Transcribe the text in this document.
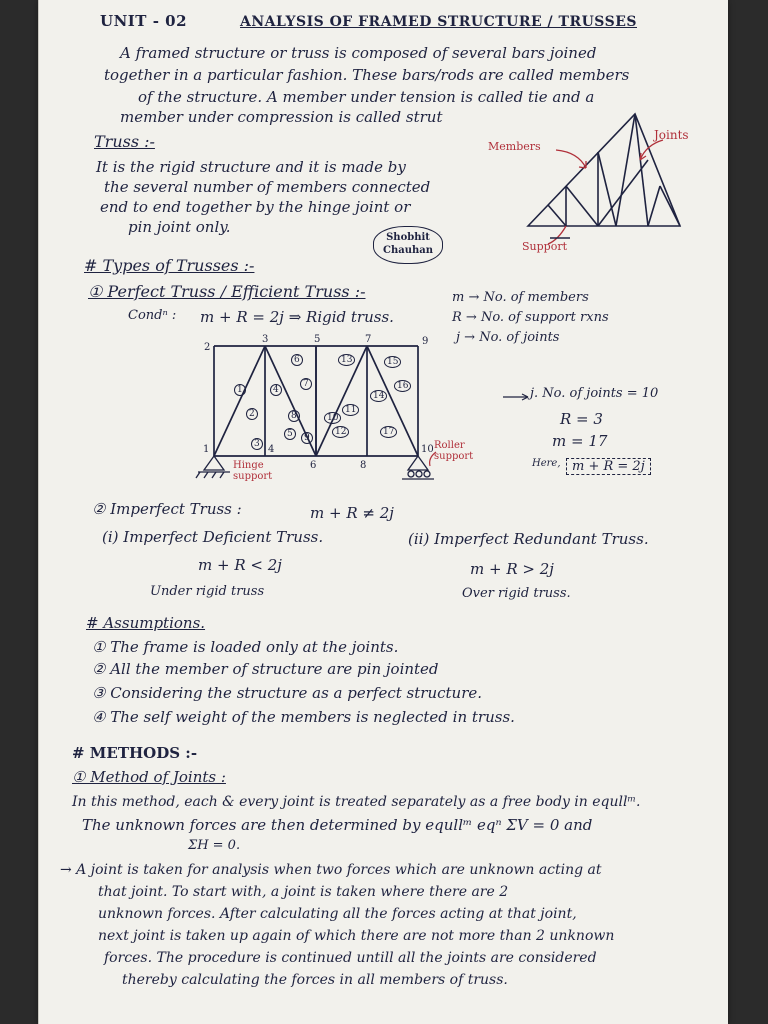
UNIT - 02	ANALYSIS OF FRAMED STRUCTURE / TRUSSES
A framed structure or truss is composed of several bars joined
together in a particular fashion. These bars/rods are called members
of the structure. A member under tension is called tie and a
member under compression is called strut
Truss :-
It is the rigid structure and it is made by
the several number of members connected
end to end together by the hinge joint or
pin joint only.
Members
Joints
Support
Shobhit
Chauhan
# Types of Trusses :-
① Perfect Truss / Efficient Truss :-
Condⁿ : m + R = 2j ⇒ Rigid truss.
m → No. of members
R → No. of support rxns
j → No. of joints
2
3	5	7	9
1	4
6	8
10
1
2
3
4
5
6
7
8
9
10
11
12
13
14
15
16
17
Hinge support
Roller support
j. No. of joints = 10
R = 3
m = 17
Here, m + R = 2j
② Imperfect Truss :	m + R ≠ 2j
(i) Imperfect Deficient Truss.
m + R < 2j
Under rigid truss
(ii) Imperfect Redundant Truss.
m + R > 2j
Over rigid truss.
# Assumptions.
① The frame is loaded only at the joints.
② All the member of structure are pin jointed
③ Considering the structure as a perfect structure.
④ The self weight of the members is neglected in truss.
# METHODS :-
① Method of Joints :
In this method, each & every joint is treated separately as a free body in equllᵐ.
The unknown forces are then determined by equllᵐ eqⁿ ΣV = 0 and
ΣH = 0.
→ A joint is taken for analysis when two forces which are unknown acting at
that joint. To start with, a joint is taken where there are 2
unknown forces. After calculating all the forces acting at that joint,
next joint is taken up again of which there are not more than 2 unknown
forces. The procedure is continued untill all the joints are considered
thereby calculating the forces in all members of truss.
